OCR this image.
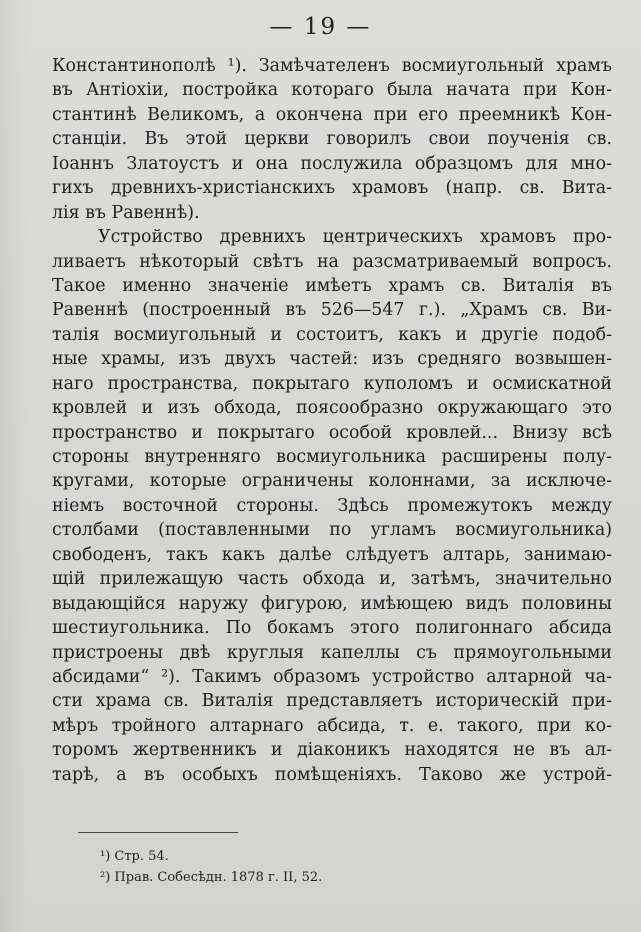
— 19 —
Константинополѣ ¹). Замѣчателенъ восмиугольный храмъ
въ Антіохіи, постройка котораго была начата при Кон-
стантинѣ Великомъ, а окончена при его преемникѣ Кон-
станціи. Въ этой церкви говорилъ свои поученія св.
Іоаннъ Златоустъ и она послужила образцомъ для мно-
гихъ древнихъ-христіанскихъ храмовъ (напр. св. Вита-
лія въ Равеннѣ).
Устройство древнихъ центрическихъ храмовъ про-
ливаетъ нѣкоторый свѣтъ на разсматриваемый вопросъ.
Такое именно значеніе имѣетъ храмъ св. Виталія въ
Равеннѣ (построенный въ 526—547 г.). „Храмъ св. Ви-
талія восмиугольный и состоитъ, какъ и другіе подоб-
ные храмы, изъ двухъ частей: изъ средняго возвышен-
наго пространства, покрытаго куполомъ и осмискатной
кровлей и изъ обхода, поясообразно окружающаго это
пространство и покрытаго особой кровлей... Внизу всѣ
стороны внутренняго восмиугольника расширены полу-
кругами, которые ограничены колоннами, за исключе-
ніемъ восточной стороны. Здѣсь промежутокъ между
столбами (поставленными по угламъ восмиугольника)
свободенъ, такъ какъ далѣе слѣдуетъ алтарь, занимаю-
щій прилежащую часть обхода и, затѣмъ, значительно
выдающійся наружу фигурою, имѣющею видъ половины
шестиугольника. По бокамъ этого полигоннаго абсида
пристроены двѣ круглыя капеллы съ прямоугольными
абсидами“ ²). Такимъ образомъ устройство алтарной ча-
сти храма св. Виталія представляетъ историческій при-
мѣръ тройного алтарнаго абсида, т. е. такого, при ко-
торомъ жертвенникъ и діаконикъ находятся не въ ал-
тарѣ, а въ особыхъ помѣщеніяхъ. Таково же устрой-
¹) Стр. 54.
²) Прав. Собесѣдн. 1878 г. II, 52.
